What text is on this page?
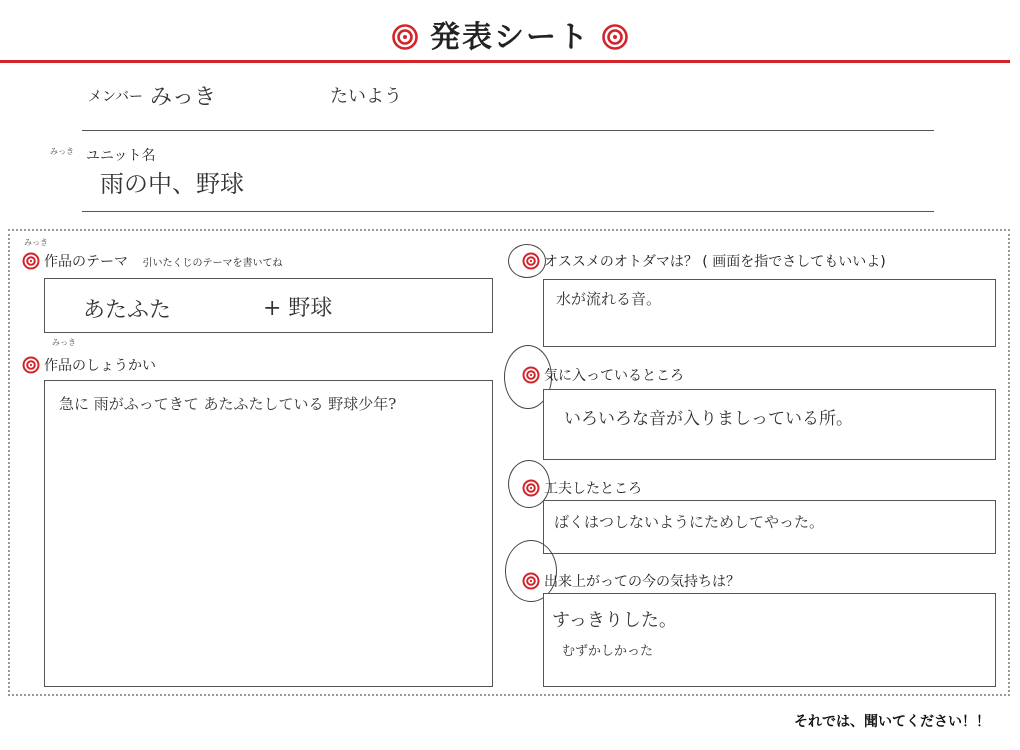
発表シート
メンバー みっき	たいよう
みっき ユニット名
雨の中、野球
みっき
作品のテーマ 引いたくじのテーマを書いてね
あたふた	+ 野球
みっき
作品のしょうかい
急に 雨がふってきて あたふたしている 野球少年?
オススメのオトダマは？ ( 画面を指でさしてもいいよ)
水が流れる音。
気に入っているところ
いろいろな音が入りましっている所。
工夫したところ
ばくはつしないようにためしてやった。
出来上がっての今の気持ちは？
すっきりした。
むずかしかった
それでは、聞いてください！！
